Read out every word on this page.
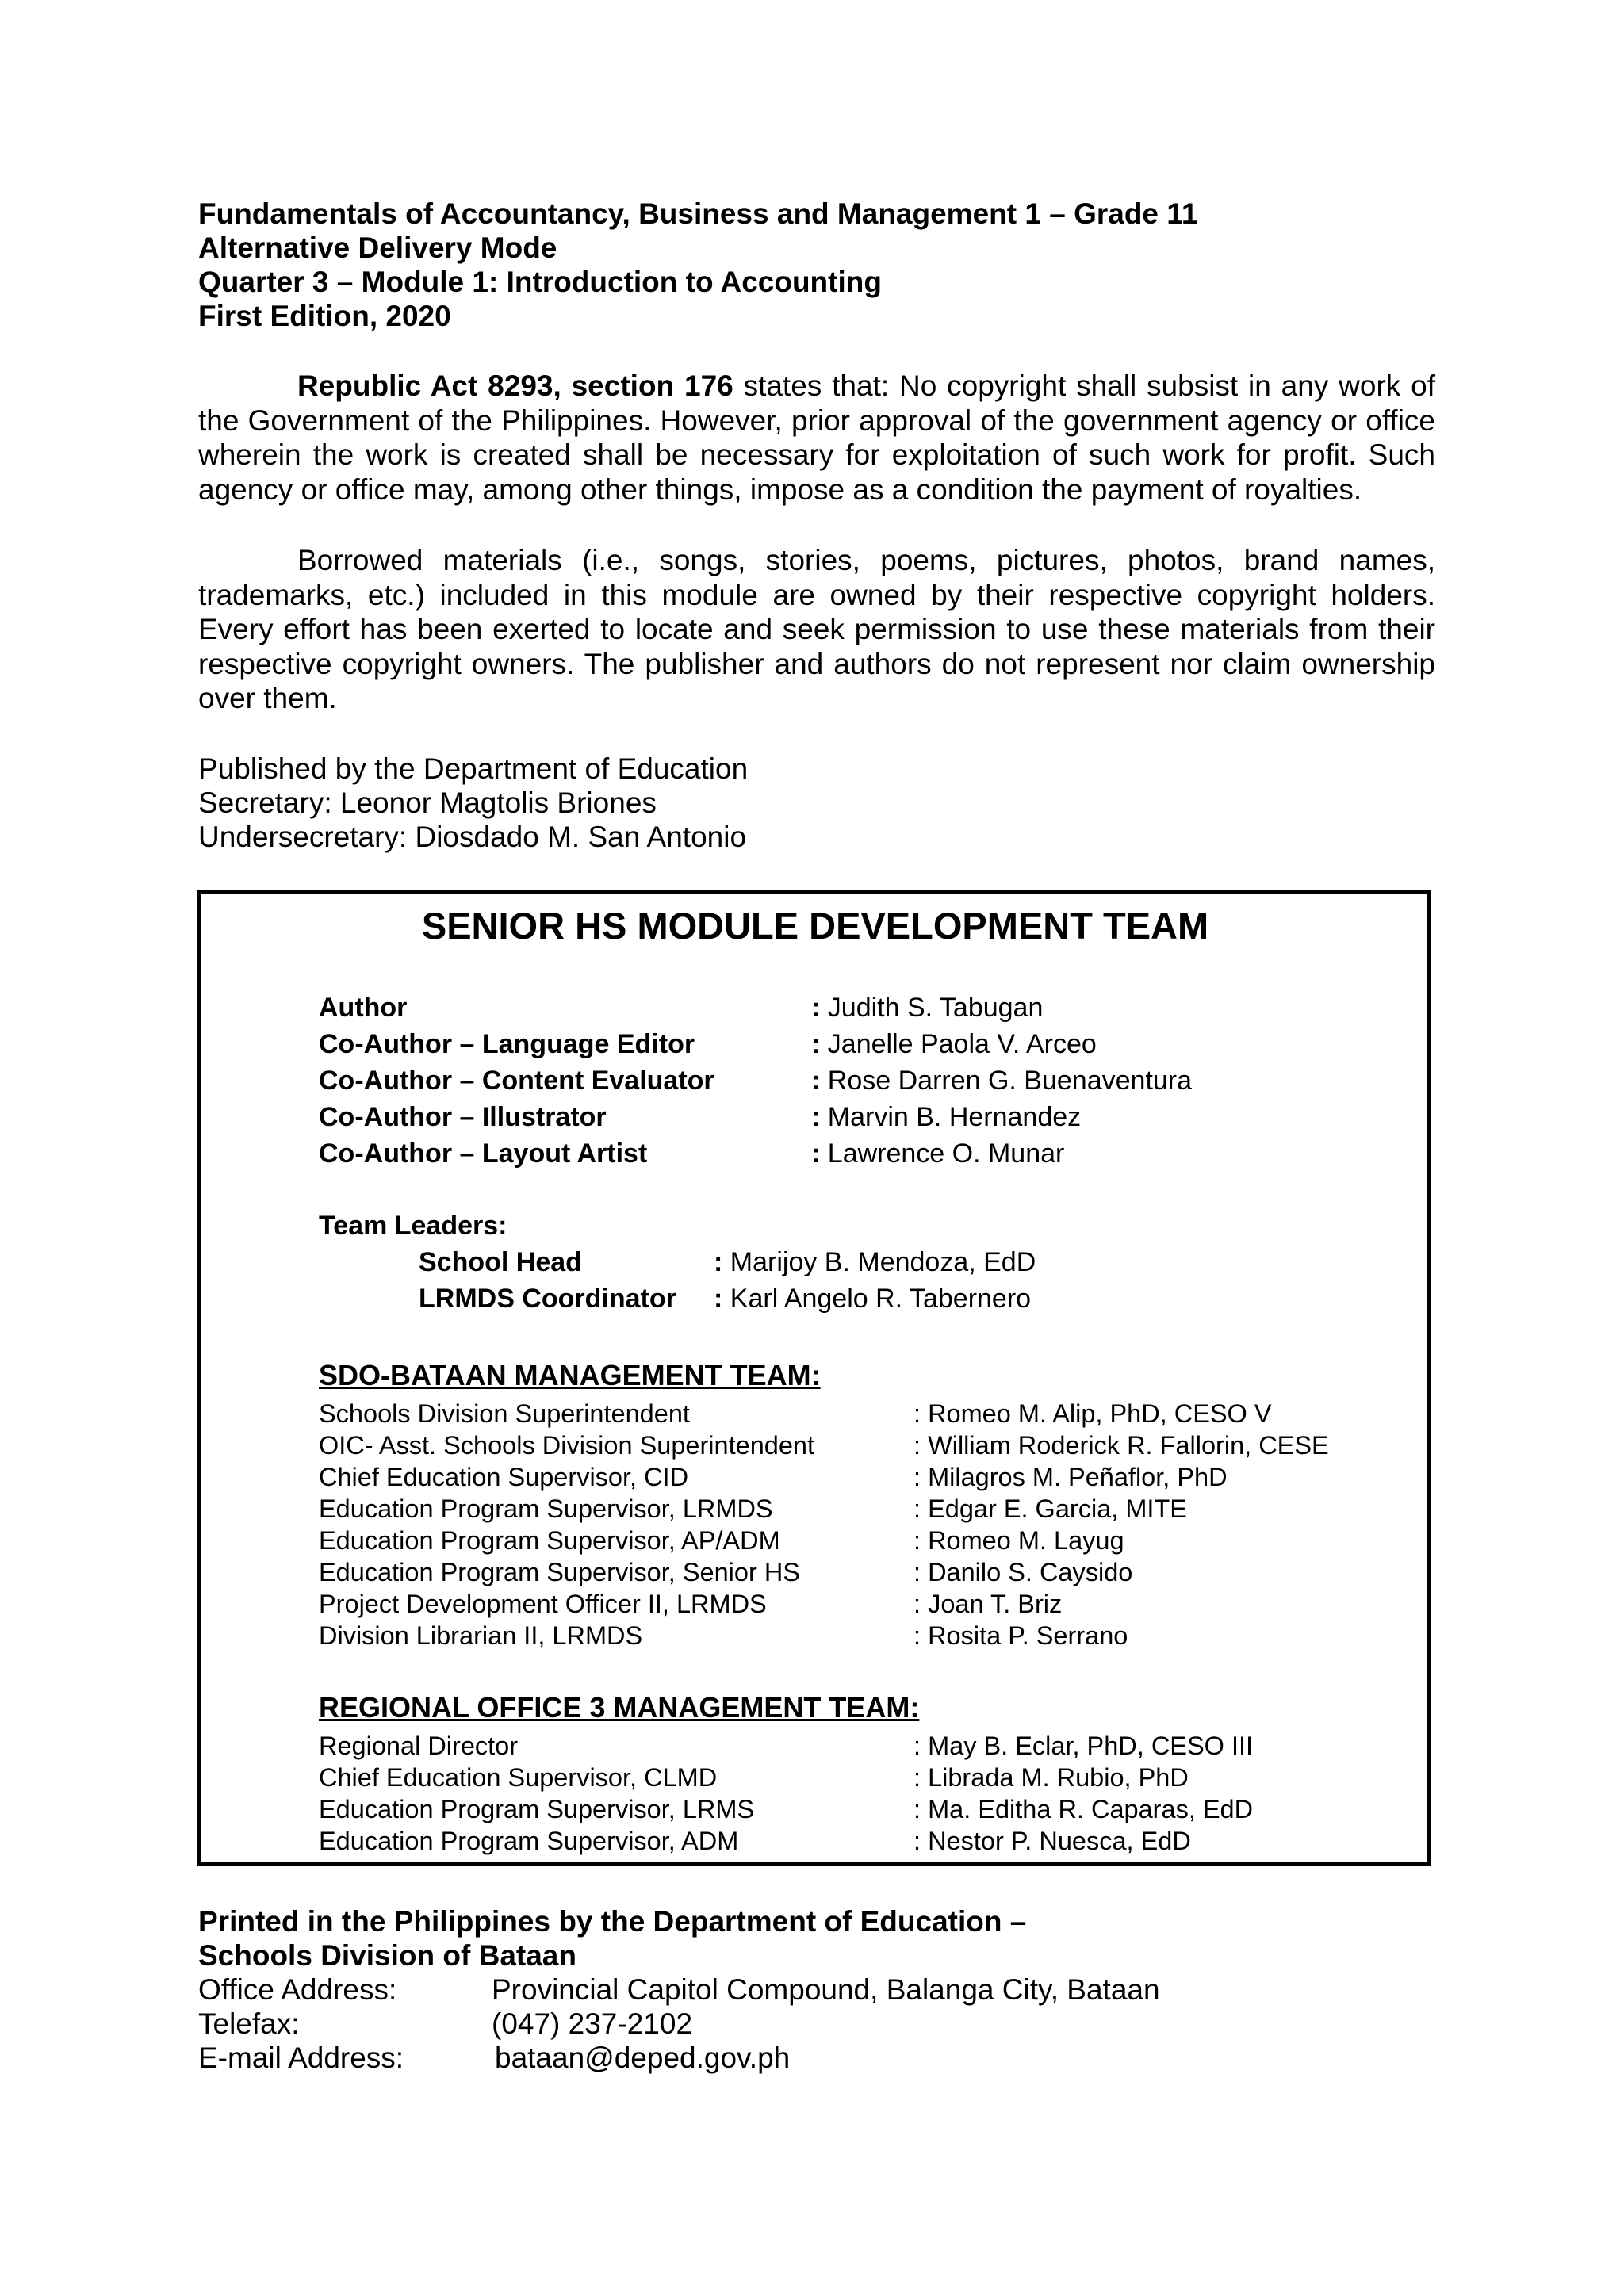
Fundamentals of Accountancy, Business and Management 1 – Grade 11
Alternative Delivery Mode
Quarter 3 – Module 1: Introduction to Accounting
First Edition, 2020

Republic Act 8293, section 176 states that: No copyright shall subsist in any work of the Government of the Philippines. However, prior approval of the government agency or office wherein the work is created shall be necessary for exploitation of such work for profit. Such agency or office may, among other things, impose as a condition the payment of royalties.

Borrowed materials (i.e., songs, stories, poems, pictures, photos, brand names, trademarks, etc.) included in this module are owned by their respective copyright holders. Every effort has been exerted to locate and seek permission to use these materials from their respective copyright owners. The publisher and authors do not represent nor claim ownership over them.

Published by the Department of Education
Secretary: Leonor Magtolis Briones
Undersecretary: Diosdado M. San Antonio
SENIOR HS MODULE DEVELOPMENT TEAM
Author	: Judith S. Tabugan
Co-Author – Language Editor	: Janelle Paola V. Arceo
Co-Author – Content Evaluator	: Rose Darren G. Buenaventura
Co-Author – Illustrator	: Marvin B. Hernandez
Co-Author – Layout Artist	: Lawrence O. Munar
Team Leaders:
School Head	: Marijoy B. Mendoza, EdD
LRMDS Coordinator : Karl Angelo R. Tabernero
SDO-BATAAN MANAGEMENT TEAM:
Schools Division Superintendent	: Romeo M. Alip, PhD, CESO V
OIC- Asst. Schools Division Superintendent	: William Roderick R. Fallorin, CESE
Chief Education Supervisor, CID	: Milagros M. Peñaflor, PhD
Education Program Supervisor, LRMDS	: Edgar E. Garcia, MITE
Education Program Supervisor, AP/ADM	: Romeo M. Layug
Education Program Supervisor, Senior HS	: Danilo S. Caysido
Project Development Officer II, LRMDS	: Joan T. Briz
Division Librarian II, LRMDS	: Rosita P. Serrano
REGIONAL OFFICE 3 MANAGEMENT TEAM:
Regional Director	: May B. Eclar, PhD, CESO III
Chief Education Supervisor, CLMD	: Librada M. Rubio, PhD
Education Program Supervisor, LRMS	: Ma. Editha R. Caparas, EdD
Education Program Supervisor, ADM	: Nestor P. Nuesca, EdD
Printed in the Philippines by the Department of Education –
Schools Division of Bataan
Office Address:	Provincial Capitol Compound, Balanga City, Bataan
Telefax:	(047) 237-2102
E-mail Address:	bataan@deped.gov.ph
